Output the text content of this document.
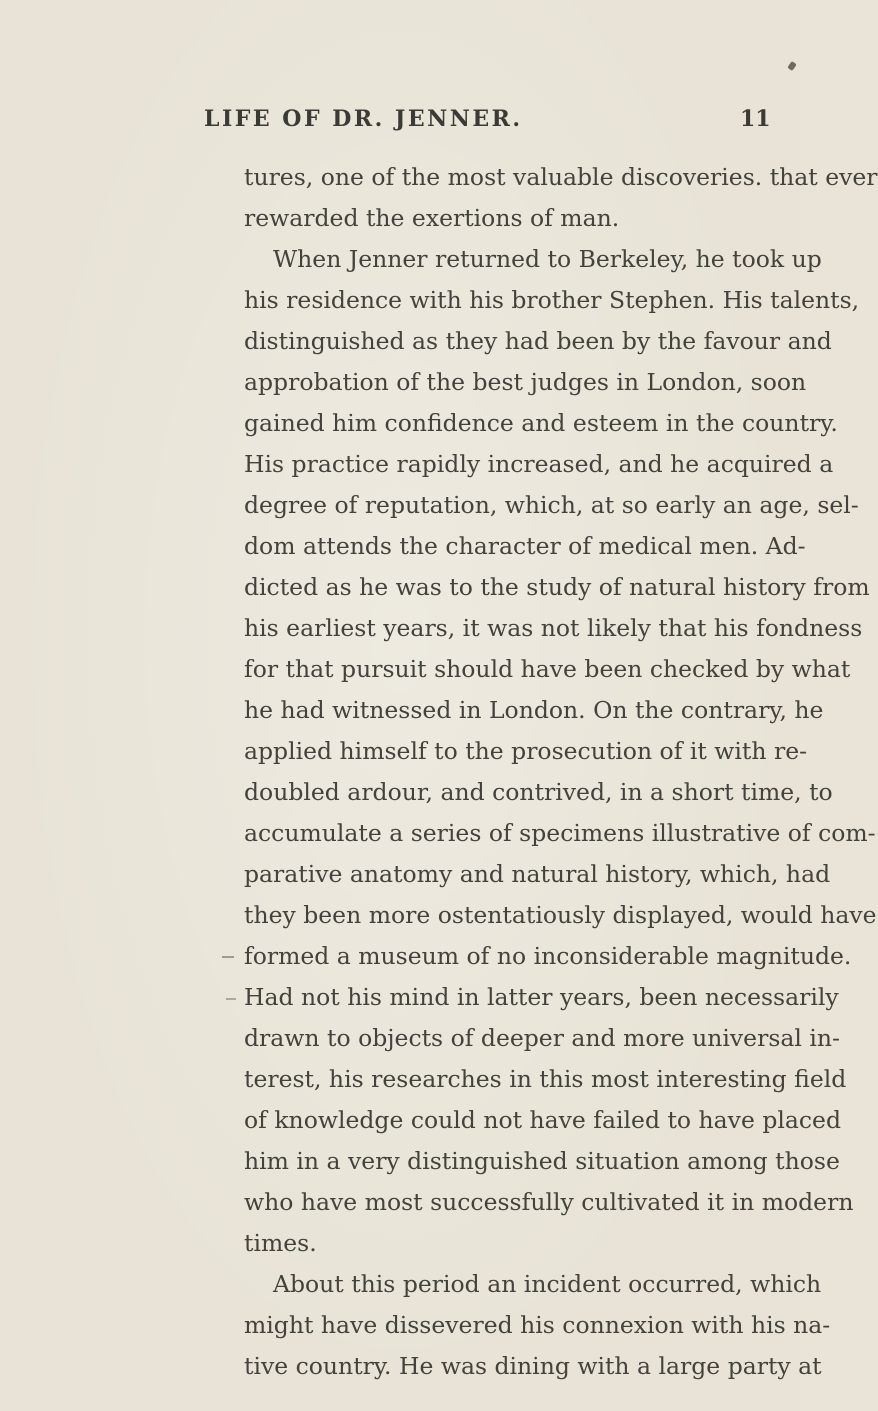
LIFE OF DR. JENNER.	11
tures, one of the most valuable discoveries. that ever
rewarded the exertions of man.
When Jenner returned to Berkeley, he took up
his residence with his brother Stephen. His talents,
distinguished as they had been by the favour and
approbation of the best judges in London, soon
gained him confidence and esteem in the country.
His practice rapidly increased, and he acquired a
degree of reputation, which, at so early an age, sel-
dom attends the character of medical men. Ad-
dicted as he was to the study of natural history from
his earliest years, it was not likely that his fondness
for that pursuit should have been checked by what
he had witnessed in London. On the contrary, he
applied himself to the prosecution of it with re-
doubled ardour, and contrived, in a short time, to
accumulate a series of specimens illustrative of com-
parative anatomy and natural history, which, had
they been more ostentatiously displayed, would have
formed a museum of no inconsiderable magnitude.
Had not his mind in latter years, been necessarily
drawn to objects of deeper and more universal in-
terest, his researches in this most interesting field
of knowledge could not have failed to have placed
him in a very distinguished situation among those
who have most successfully cultivated it in modern
times.
About this period an incident occurred, which
might have dissevered his connexion with his na-
tive country. He was dining with a large party at
